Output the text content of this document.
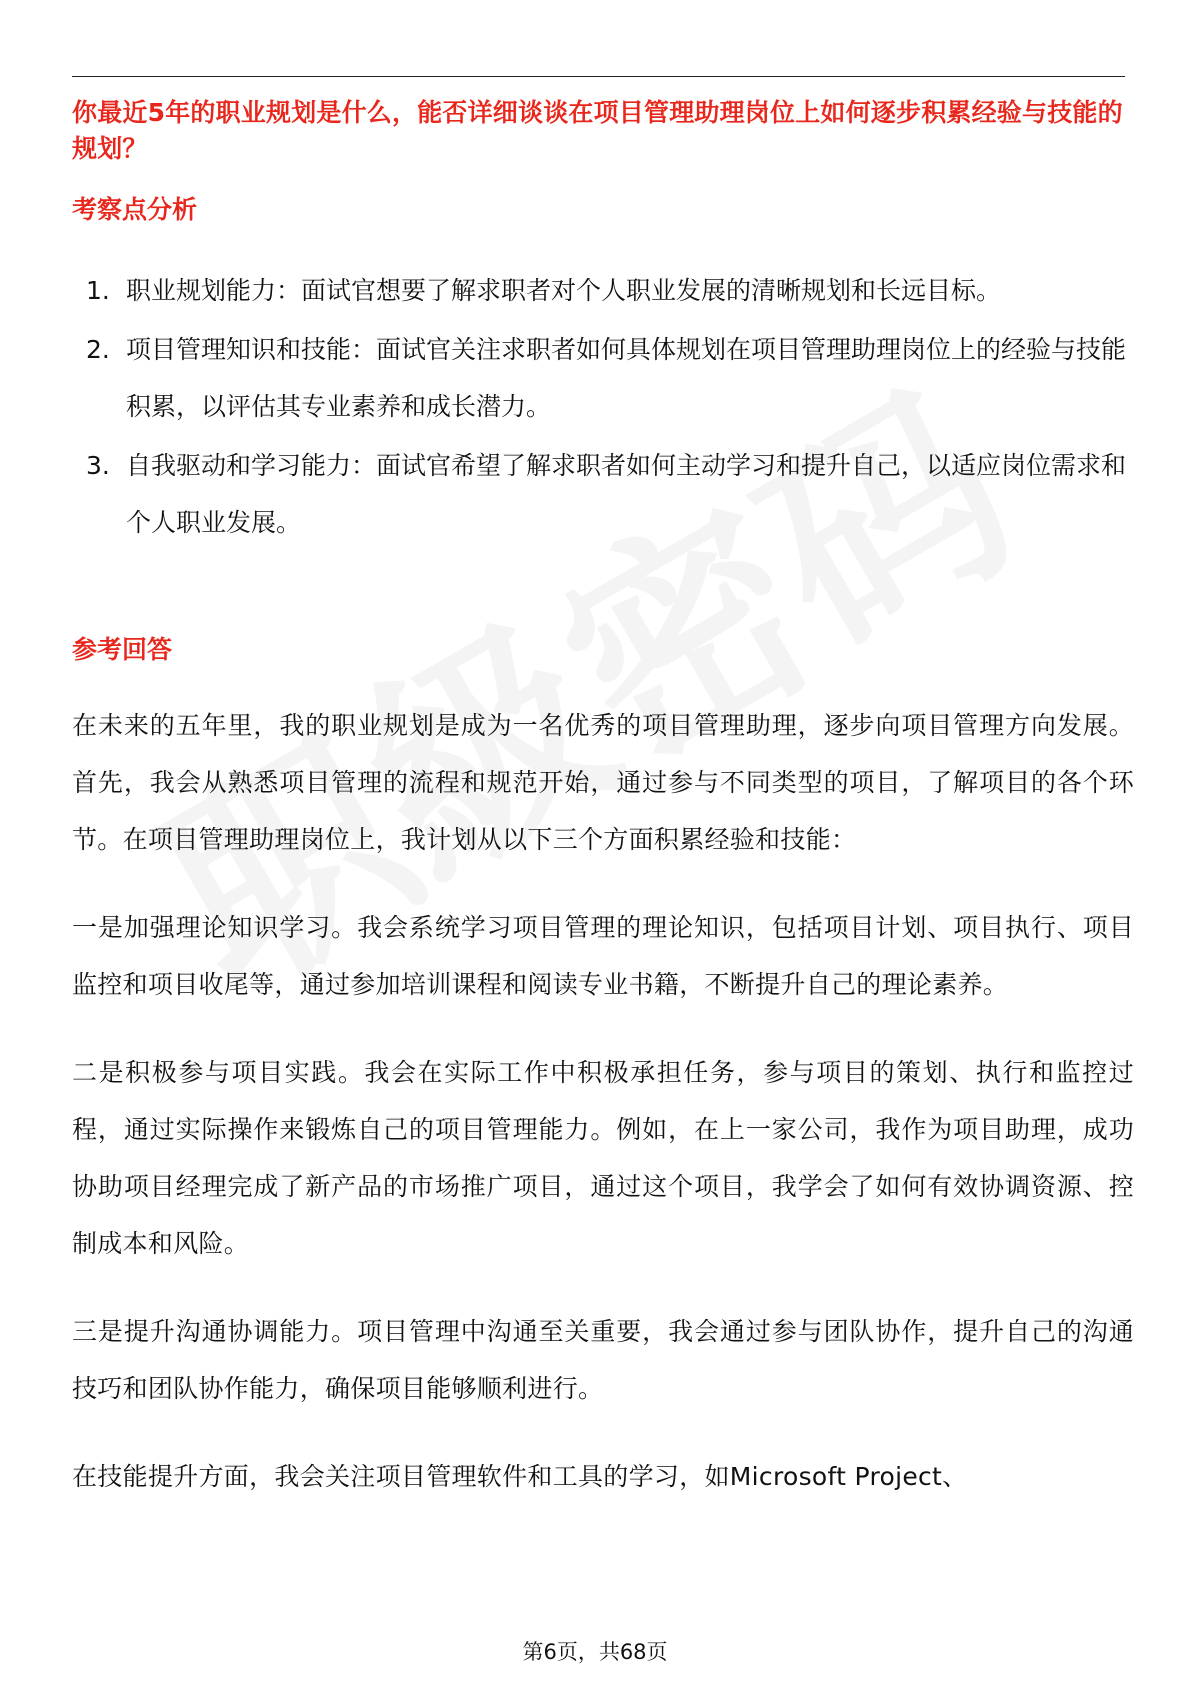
你最近5年的职业规划是什么，能否详细谈谈在项目管理助理岗位上如何逐步积累经验与技能的规划？
考察点分析
1. 职业规划能力：面试官想要了解求职者对个人职业发展的清晰规划和长远目标。
2. 项目管理知识和技能：面试官关注求职者如何具体规划在项目管理助理岗位上的经验与技能积累，以评估其专业素养和成长潜力。
3. 自我驱动和学习能力：面试官希望了解求职者如何主动学习和提升自己，以适应岗位需求和个人职业发展。
参考回答

在未来的五年里，我的职业规划是成为一名优秀的项目管理助理，逐步向项目管理方向发展。首先，我会从熟悉项目管理的流程和规范开始，通过参与不同类型的项目，了解项目的各个环节。在项目管理助理岗位上，我计划从以下三个方面积累经验和技能：

一是加强理论知识学习。我会系统学习项目管理的理论知识，包括项目计划、项目执行、项目监控和项目收尾等，通过参加培训课程和阅读专业书籍，不断提升自己的理论素养。

二是积极参与项目实践。我会在实际工作中积极承担任务，参与项目的策划、执行和监控过程，通过实际操作来锻炼自己的项目管理能力。例如，在上一家公司，我作为项目助理，成功协助项目经理完成了新产品的市场推广项目，通过这个项目，我学会了如何有效协调资源、控制成本和风险。

三是提升沟通协调能力。项目管理中沟通至关重要，我会通过参与团队协作，提升自己的沟通技巧和团队协作能力，确保项目能够顺利进行。

在技能提升方面，我会关注项目管理软件和工具的学习，如Microsoft Project、

第6页，共68页
